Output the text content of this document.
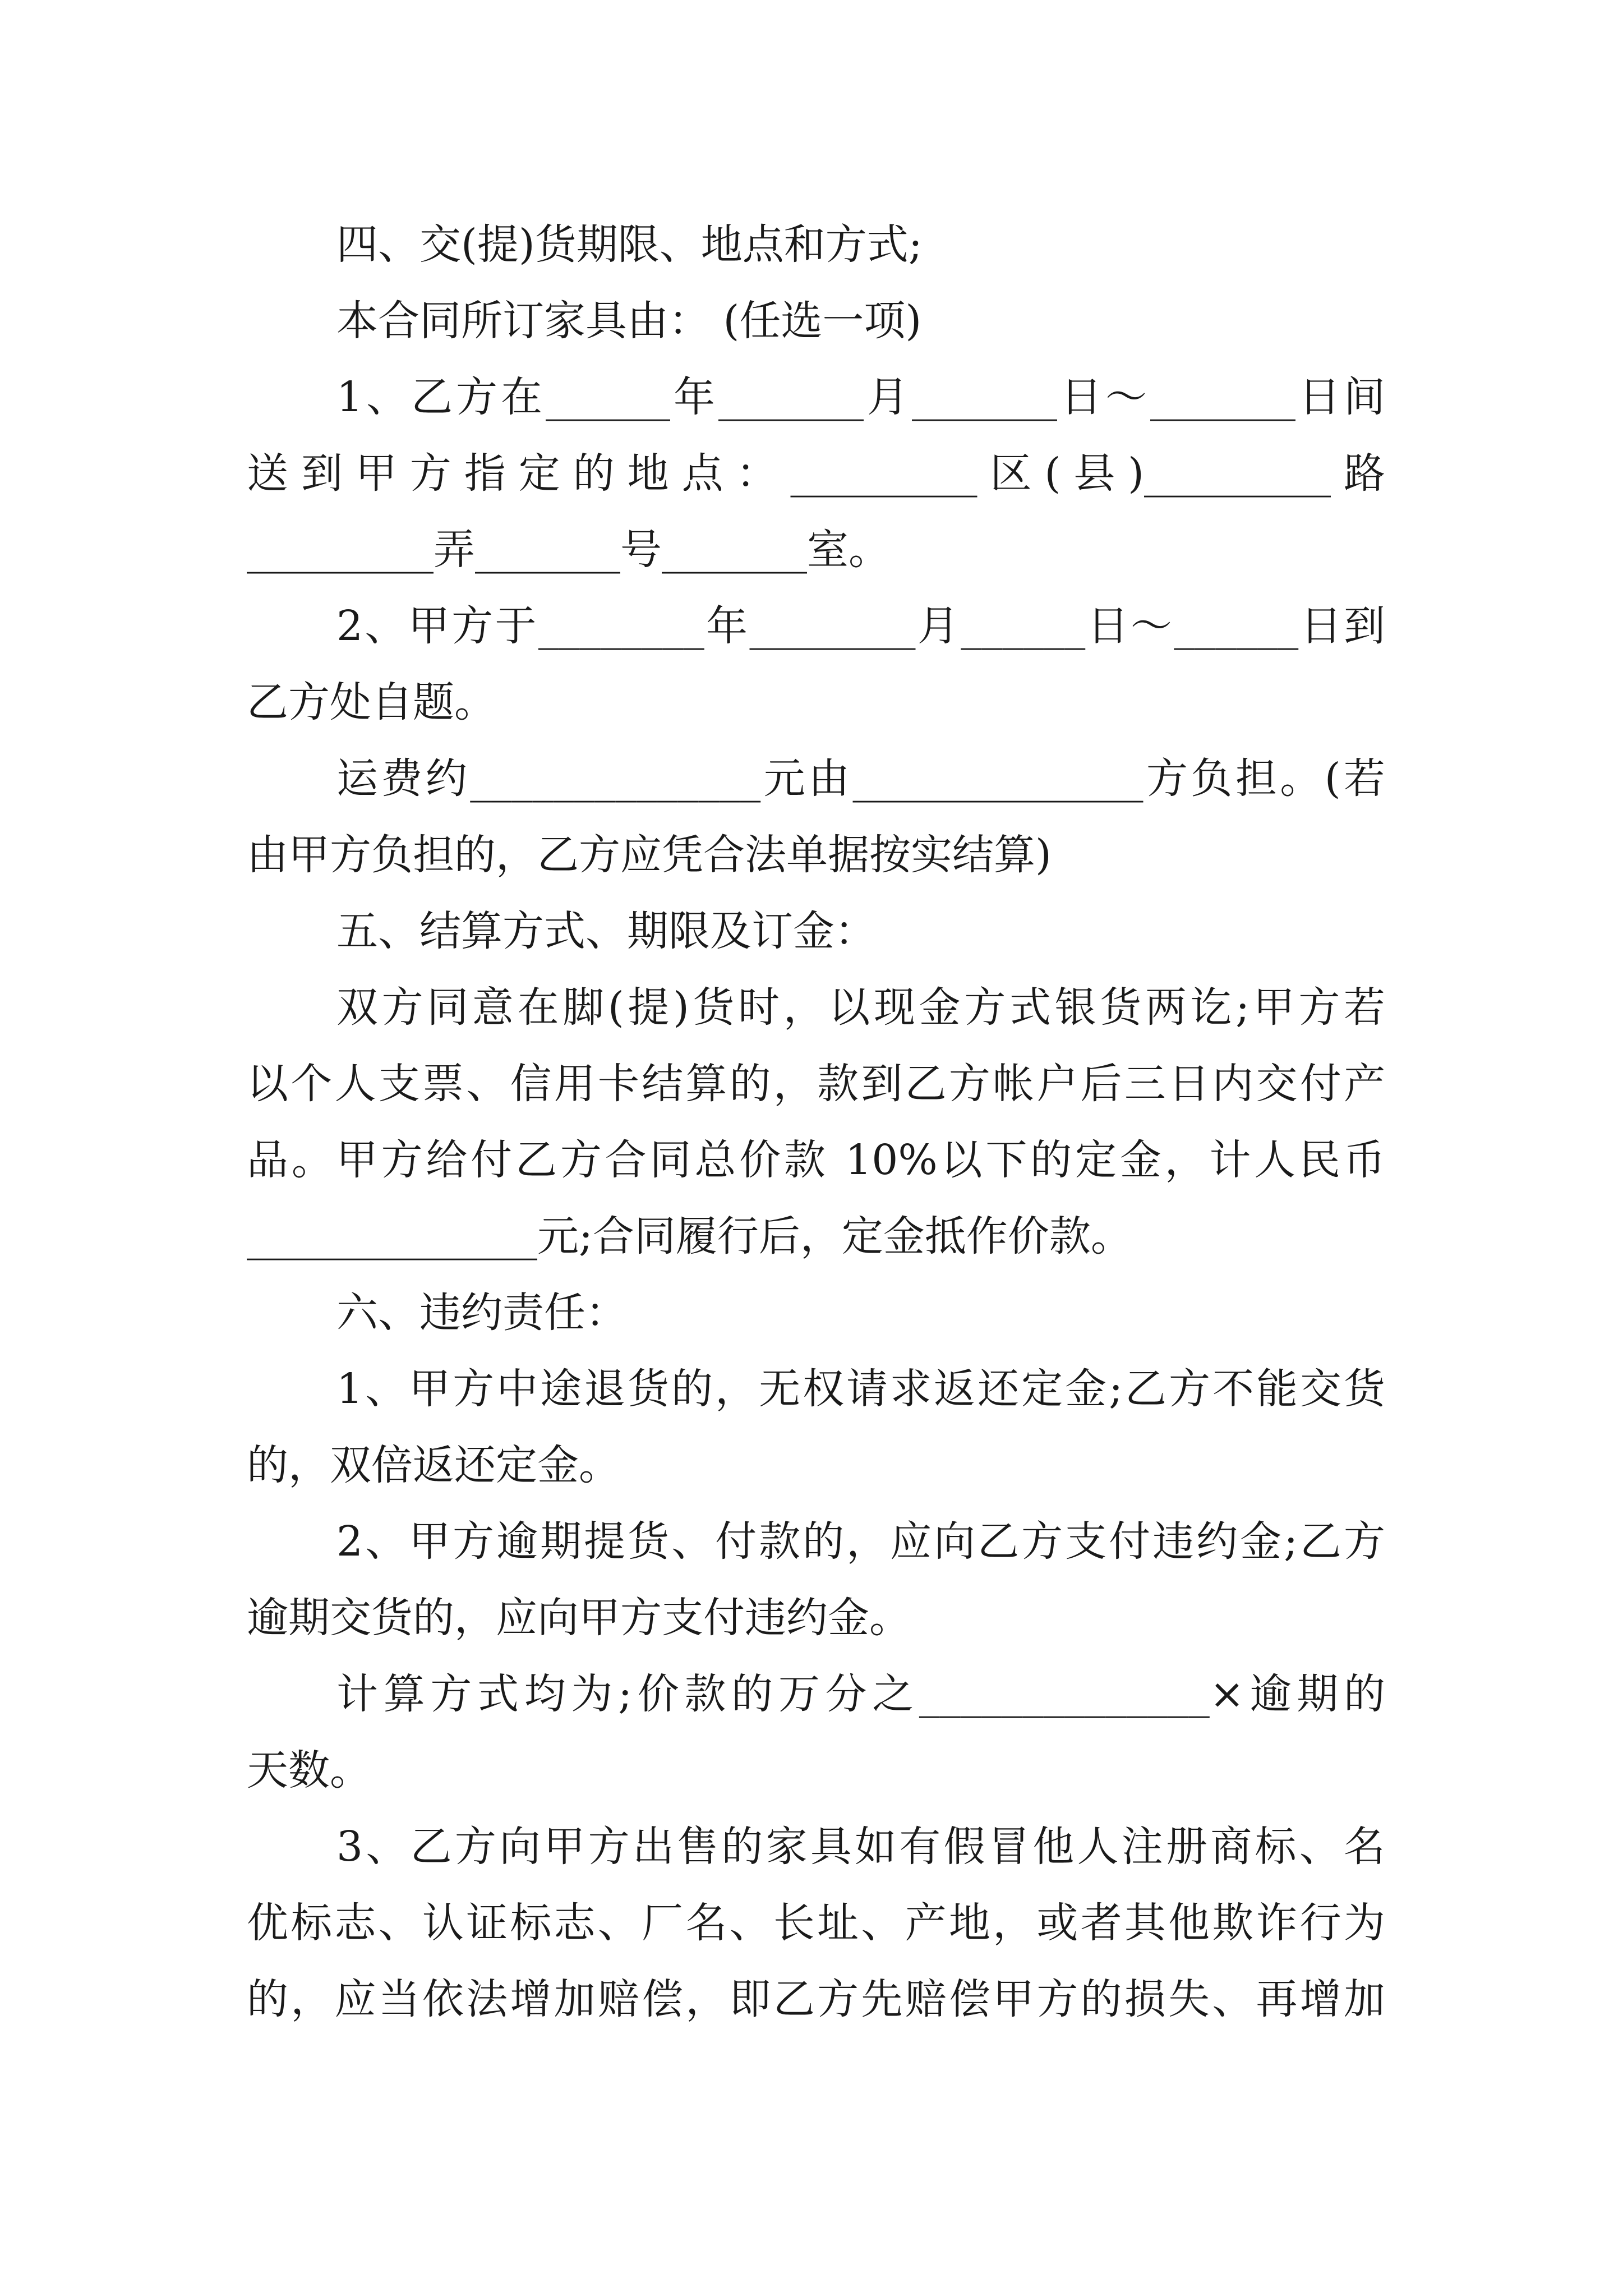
四、交(提)货期限、地点和方式;
本合同所订家具由： (任选一项)
1、乙方在______年_______月_______日～_______日间
送到甲方指定的地点：_________区(县)_________路
_________弄_______号_______室。
2、甲方于________年________月______日～______日到
乙方处自题。
运费约______________元由______________方负担。(若
由甲方负担的，乙方应凭合法单据按实结算)
五、结算方式、期限及订金：
双方同意在脚(提)货时，以现金方式银货两讫;甲方若
以个人支票、信用卡结算的，款到乙方帐户后三日内交付产
品。甲方给付乙方合同总价款 10%以下的定金，计人民币
______________元;合同履行后，定金抵作价款。
六、违约责任：
1、甲方中途退货的，无权请求返还定金;乙方不能交货
的，双倍返还定金。
2、甲方逾期提货、付款的，应向乙方支付违约金;乙方
逾期交货的，应向甲方支付违约金。
计算方式均为;价款的万分之______________×逾期的
天数。
3、乙方向甲方出售的家具如有假冒他人注册商标、名
优标志、认证标志、厂名、长址、产地，或者其他欺诈行为
的，应当依法增加赔偿，即乙方先赔偿甲方的损失、再增加
